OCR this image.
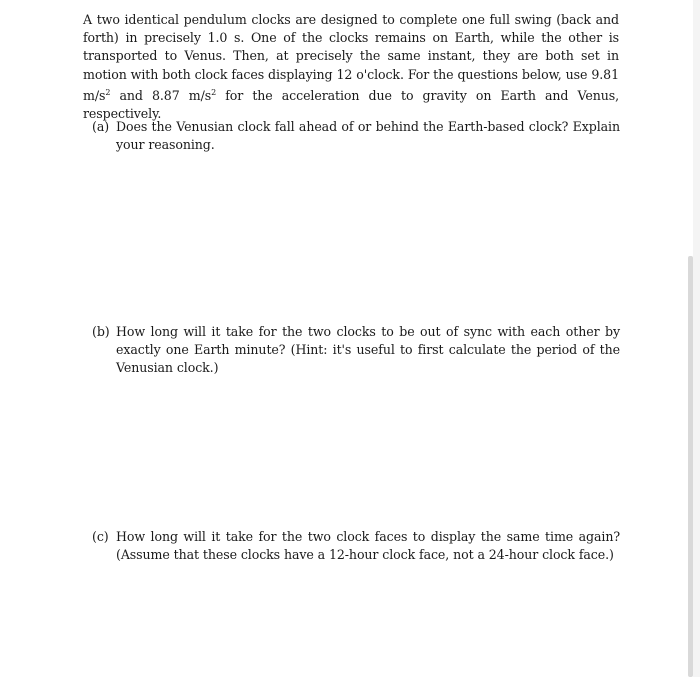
A two identical pendulum clocks are designed to complete one full swing (back and forth) in precisely 1.0 s. One of the clocks remains on Earth, while the other is transported to Venus. Then, at precisely the same instant, they are both set in motion with both clock faces displaying 12 o'clock. For the questions below, use 9.81 $m/s^2$ and 8.87 $m/s^2$ for the acceleration due to gravity on Earth and Venus, respectively.

(a) Does the Venusian clock fall ahead of or behind the Earth-based clock? Explain your reasoning.
(b) How long will it take for the two clocks to be out of sync with each other by exactly one Earth minute? (Hint: it's useful to first calculate the period of the Venusian clock.)
(c) How long will it take for the two clock faces to display the same time again? (Assume that these clocks have a 12-hour clock face, not a 24-hour clock face.)
